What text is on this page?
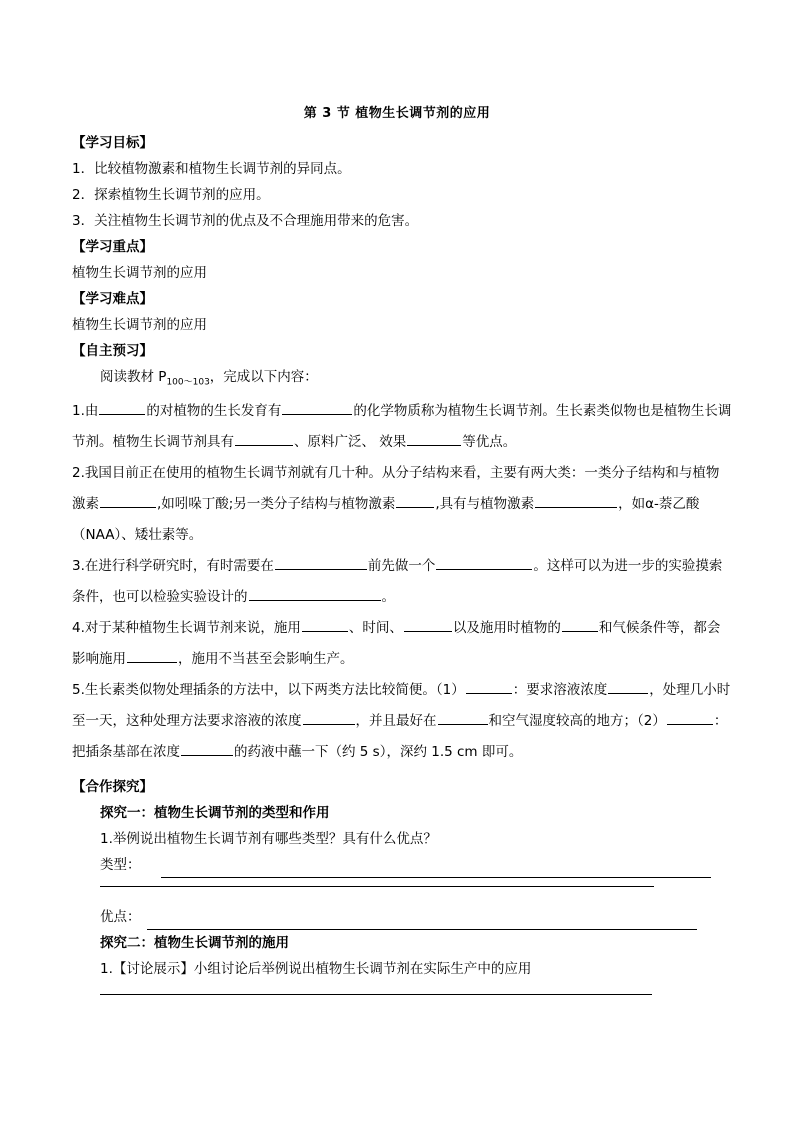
第 3 节 植物生长调节剂的应用
【学习目标】
1．比较植物激素和植物生长调节剂的异同点。
2．探索植物生长调节剂的应用。
3．关注植物生长调节剂的优点及不合理施用带来的危害。
【学习重点】
植物生长调节剂的应用
【学习难点】
植物生长调节剂的应用
【自主预习】
阅读教材 $P_{100\sim 103}$，完成以下内容：
1.由	的对植物的生长发育有	的化学物质称为植物生长调节剂。生长素类似物也是植物生长调节剂。植物生长调节剂具有	、原料广泛、 效果	等优点。
2.我国目前正在使用的植物生长调节剂就有几十种。从分子结构来看，主要有两大类：一类分子结构和与植物激素	,如吲哚丁酸;另一类分子结构与植物激素	,具有与植物激素	，如α-萘乙酸（NAA）、矮壮素等。
3.在进行科学研究时，有时需要在	前先做一个	。这样可以为进一步的实验摸索条件，也可以检验实验设计的	。
4.对于某种植物生长调节剂来说，施用	、时间、	以及施用时植物的	和气候条件等，都会影响施用	，施用不当甚至会影响生产。
5.生长素类似物处理插条的方法中，以下两类方法比较简便。（1）	：要求溶液浓度	，处理几小时至一天，这种处理方法要求溶液的浓度	，并且最好在	和空气湿度较高的地方；（2）	：把插条基部在浓度	的药液中蘸一下（约 5 s），深约 1.5 cm 即可。
【合作探究】
探究一：植物生长调节剂的类型和作用
1.举例说出植物生长调节剂有哪些类型？具有什么优点？
类型：
优点：
探究二：植物生长调节剂的施用
1.【讨论展示】小组讨论后举例说出植物生长调节剂在实际生产中的应用
